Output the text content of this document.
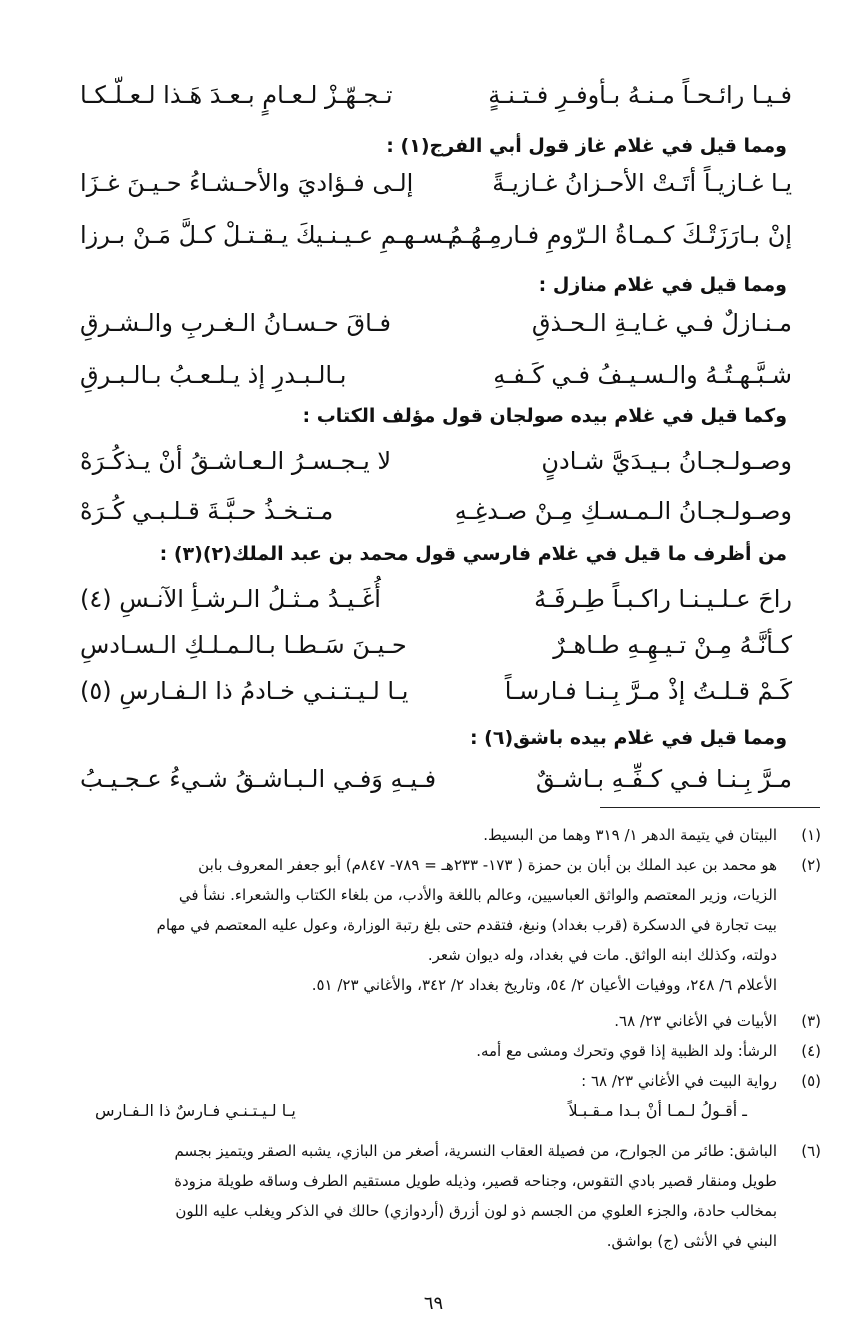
فـيـا رائـحـاً مـنـهُ بـأوفـرِ فـتـنـةٍ
تـجـهّـزْ لـعـامٍ بـعـدَ هَـذا لـعـلّـكـا
ومما قيل في غلام غاز قول أبي الفرج(١) :
يـا غـازيـاً أتَـتْ الأحـزانُ غـازيـةً
إلـى فـؤاديَ والأحـشـاءُ حـيـنَ غـزَا
إنْ بـارَزَتْـكَ كـمـاةُ الـرّومِ فـارمِـهُـمُ
بـسـهـمِ عـيـنـيكَ يـقـتـلْ كـلَّ مَـنْ بـرزا
ومما قيل في غلام منازل :
مـنـازلٌ فـي غـايـةِ الـحـذقِ
فـاقَ حـسـانُ الـغـربِ والـشـرقِ
شـبَّـهـتُـهُ والـسـيـفُ فـي كَـفـهِ
بـالـبـدرِ إذ يـلـعـبُ بـالـبـرقِ
وكما قيل في غلام بيده صولجان قول مؤلف الكتاب :
وصـولـجـانُ بـيـدَيَّ شـادنٍ
لا يـجـسـرُ الـعـاشـقُ أنْ يـذكُـرَهْ
وصـولـجـانُ الـمـسـكِ مِـنْ صـدغِـهِ
مـتـخـذُ حـبَّـةَ قـلـبـي كُـرَهْ
من أظرف ما قيل في غلام فارسي قول محمد بن عبد الملك(٢)(٣) :
راحَ عـلـيـنـا راكـبـاً طِـرفَـهُ
أُغَـيـدُ مـثـلُ الـرشـأِ الآنـسِ (٤)
كـأنَّـهُ مِـنْ تـيـهِـهِ طـاهـرٌ
حـيـنَ سَـطـا بـالـمـلـكِ الـسـادسِ
كَـمْ قـلـتُ إذْ مـرَّ بِـنـا فـارسـاً
يـا لـيـتـنـي خـادمُ ذا الـفـارسِ (٥)
ومما قيل في غلام بيده باشق(٦) :
مـرَّ بِـنـا فـي كـفِّـهِ بـاشـقٌ
فـيـهِ وَفـي الـبـاشـقُ شـيءُ عـجـيـبُ
(١)
البيتان في يتيمة الدهر ١/ ٣١٩ وهما من البسيط.
(٢)
هو محمد بن عبد الملك بن أبان بن حمزة ( ١٧٣- ٢٣٣هـ = ٧٨٩- ٨٤٧م) أبو جعفر المعروف بابن
الزيات، وزير المعتصم والواثق العباسيين، وعالم باللغة والأدب، من بلغاء الكتاب والشعراء. نشأ في
بيت تجارة في الدسكرة (قرب بغداد) ونبغ، فتقدم حتى بلغ رتبة الوزارة، وعول عليه المعتصم في مهام
دولته، وكذلك ابنه الواثق. مات في بغداد، وله ديوان شعر.
الأعلام ٦/ ٢٤٨، ووفيات الأعيان ٢/ ٥٤، وتاريخ بغداد ٢/ ٣٤٢، والأغاني ٢٣/ ٥١.
(٣)
الأبيات في الأغاني ٢٣/ ٦٨.
(٤)
الرشأ: ولد الظبية إذا قوي وتحرك ومشى مع أمه.
(٥)
رواية البيت في الأغاني ٢٣/ ٦٨ :
ـ أقـولُ لـمـا أنْ بـدا مـقـبـلاً
يـا لـيـتـنـي فـارسٌ ذا الـفـارس
(٦)
الباشق: طائر من الجوارح، من فصيلة العقاب النسرية، أصغر من البازي، يشبه الصقر ويتميز بجسم
طويل ومنقار قصير بادي التقوس، وجناحه قصير، وذيله طويل مستقيم الطرف وساقه طويلة مزودة
بمخالب حادة، والجزء العلوي من الجسم ذو لون أزرق (أردوازي) حالك في الذكر ويغلب عليه اللون
البني في الأنثى (ج) بواشق.
٦٩
